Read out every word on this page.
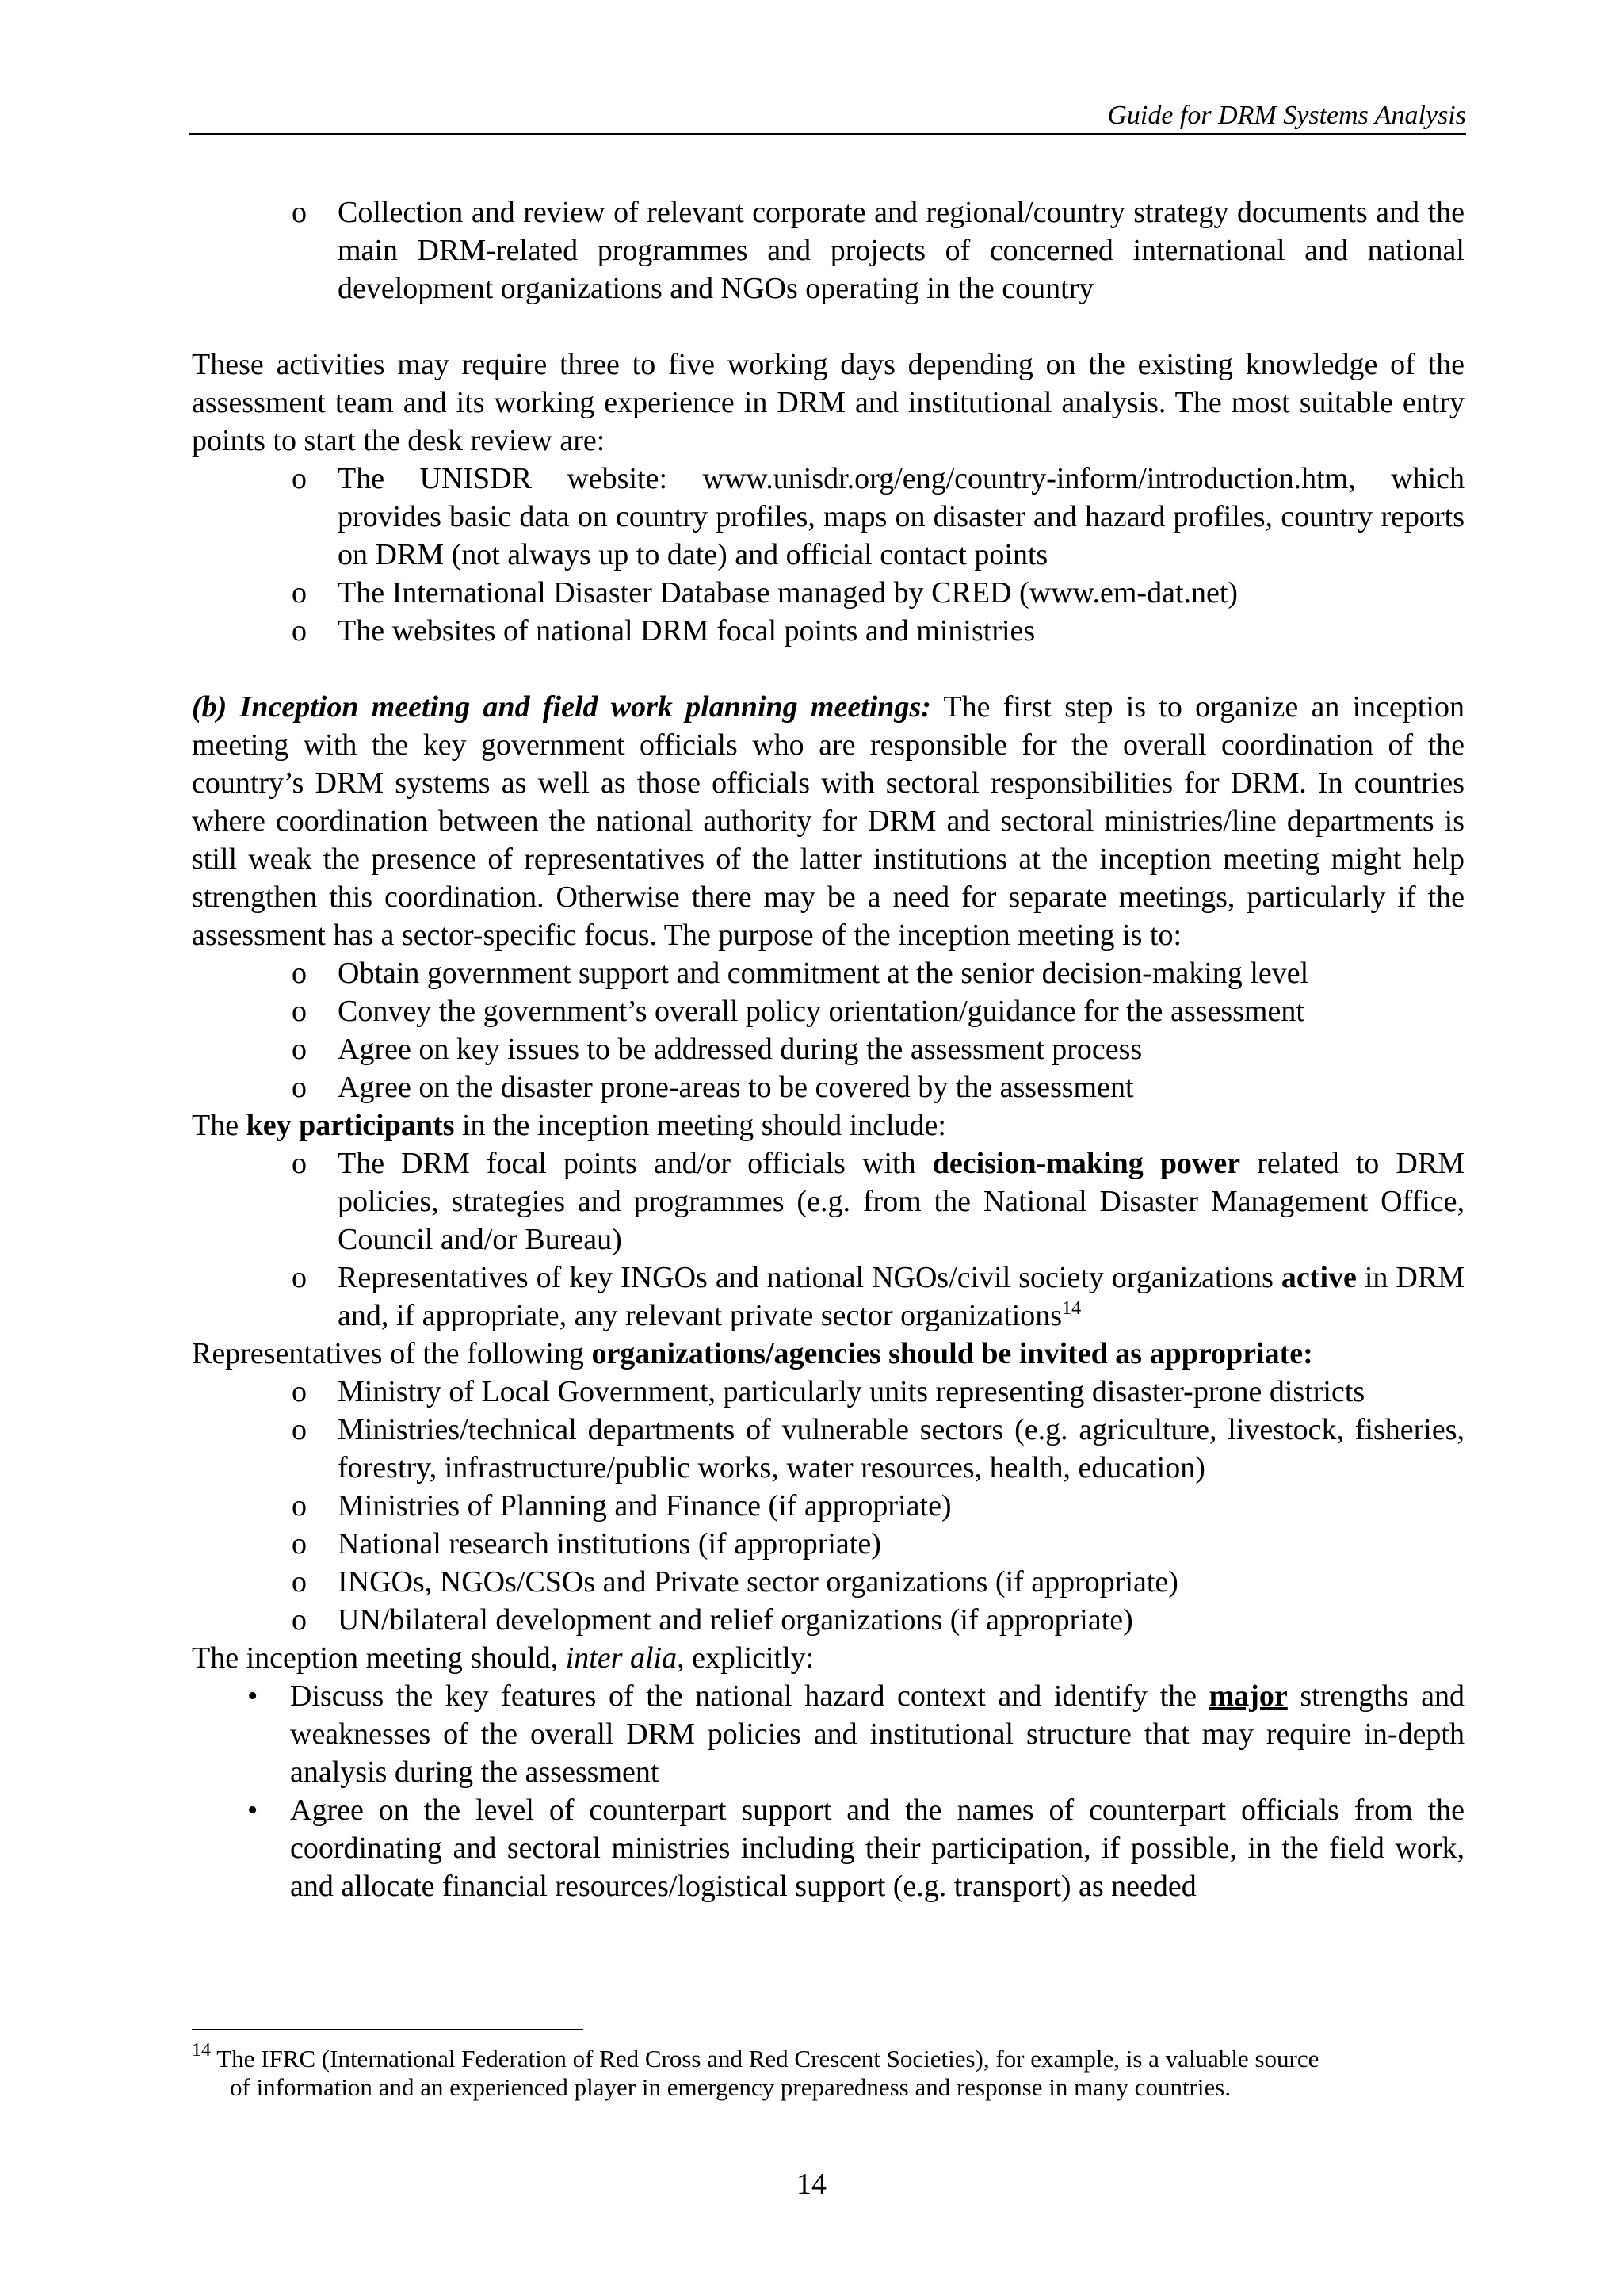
Guide for DRM Systems Analysis
o Collection and review of relevant corporate and regional/country strategy documents and the main DRM-related programmes and projects of concerned international and national development organizations and NGOs operating in the country

These activities may require three to five working days depending on the existing knowledge of the assessment team and its working experience in DRM and institutional analysis. The most suitable entry points to start the desk review are:

o The UNISDR website: www.unisdr.org/eng/country-inform/introduction.htm, which provides basic data on country profiles, maps on disaster and hazard profiles, country reports on DRM (not always up to date) and official contact points
o The International Disaster Database managed by CRED (www.em-dat.net)
o The websites of national DRM focal points and ministries

(b) Inception meeting and field work planning meetings: The first step is to organize an inception meeting with the key government officials who are responsible for the overall coordination of the country’s DRM systems as well as those officials with sectoral responsibilities for DRM. In countries where coordination between the national authority for DRM and sectoral ministries/line departments is still weak the presence of representatives of the latter institutions at the inception meeting might help strengthen this coordination. Otherwise there may be a need for separate meetings, particularly if the assessment has a sector-specific focus. The purpose of the inception meeting is to:

o Obtain government support and commitment at the senior decision-making level
o Convey the government’s overall policy orientation/guidance for the assessment
o Agree on key issues to be addressed during the assessment process
o Agree on the disaster prone-areas to be covered by the assessment

The key participants in the inception meeting should include:

o The DRM focal points and/or officials with decision-making power related to DRM policies, strategies and programmes (e.g. from the National Disaster Management Office, Council and/or Bureau)
o Representatives of key INGOs and national NGOs/civil society organizations active in DRM and, if appropriate, any relevant private sector organizations$^{14}$

Representatives of the following organizations/agencies should be invited as appropriate:

o Ministry of Local Government, particularly units representing disaster-prone districts
o Ministries/technical departments of vulnerable sectors (e.g. agriculture, livestock, fisheries, forestry, infrastructure/public works, water resources, health, education)
o Ministries of Planning and Finance (if appropriate)
o National research institutions (if appropriate)
o INGOs, NGOs/CSOs and Private sector organizations (if appropriate)
o UN/bilateral development and relief organizations (if appropriate)

The inception meeting should, inter alia, explicitly:

• Discuss the key features of the national hazard context and identify the major strengths and weaknesses of the overall DRM policies and institutional structure that may require in-depth analysis during the assessment
• Agree on the level of counterpart support and the names of counterpart officials from the coordinating and sectoral ministries including their participation, if possible, in the field work, and allocate financial resources/logistical support (e.g. transport) as needed
$^{14}$ The IFRC (International Federation of Red Cross and Red Crescent Societies), for example, is a valuable source
of information and an experienced player in emergency preparedness and response in many countries.
14
